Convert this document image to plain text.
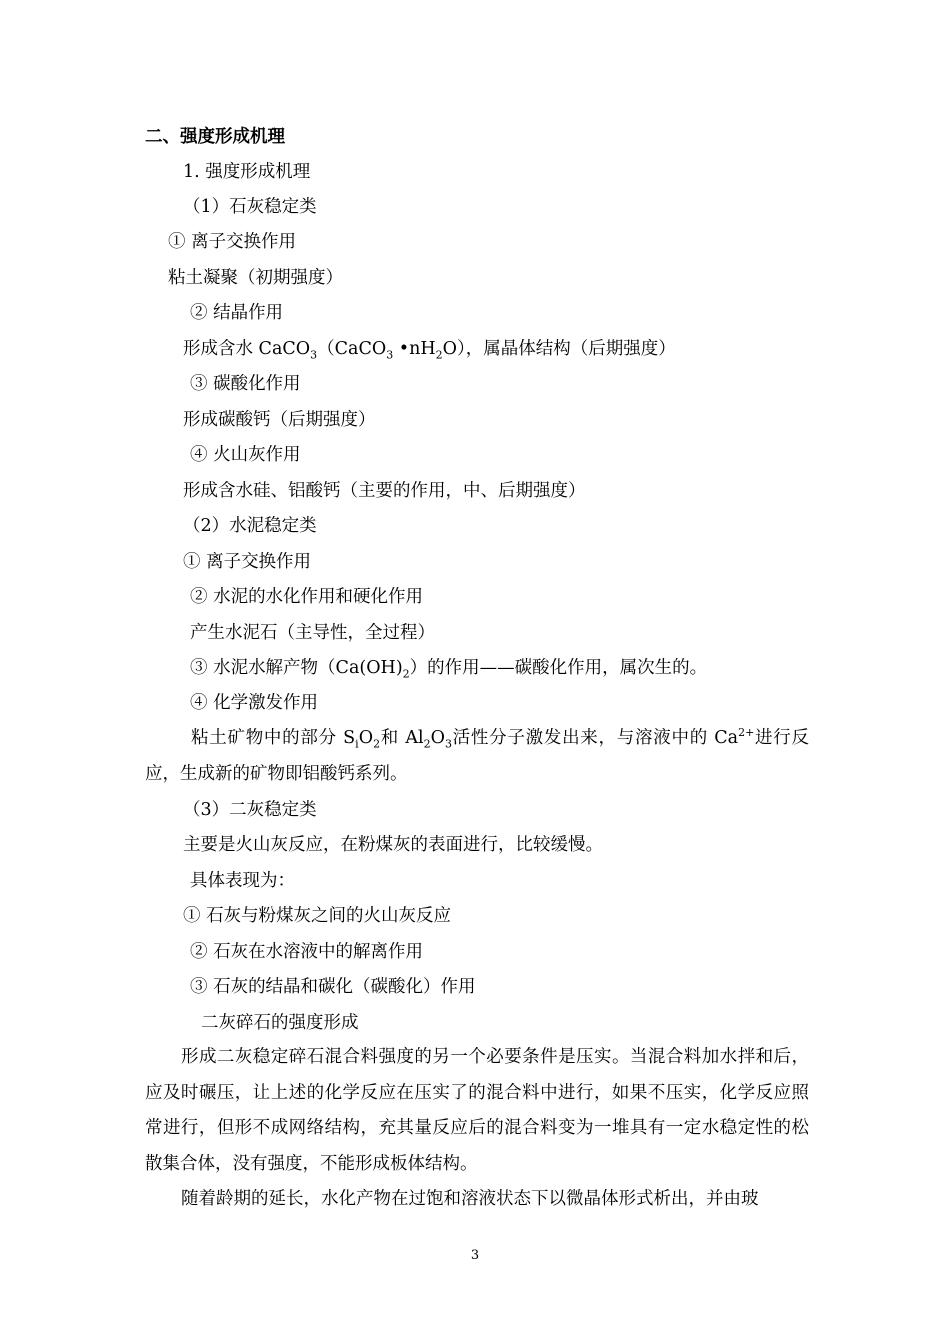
二、强度形成机理
1. 强度形成机理
（1）石灰稳定类
① 离子交换作用
粘土凝聚（初期强度）
② 结晶作用
形成含水 CaCO$_3$（CaCO$_3$ $•nH_2O$），属晶体结构（后期强度）
③ 碳酸化作用
形成碳酸钙（后期强度）
④ 火山灰作用
形成含水硅、铝酸钙（主要的作用，中、后期强度）
（2）水泥稳定类
① 离子交换作用
② 水泥的水化作用和硬化作用
产生水泥石（主导性，全过程）
③ 水泥水解产物$(Ca(OH)_2)$的作用——碳酸化作用，属次生的。
④ 化学激发作用
粘土矿物中的部分 $S_iO_2$和 $Al_2O_3$活性分子激发出来，与溶液中的 $Ca^{2+}$进行反应，生成新的矿物即铝酸钙系列。
（3）二灰稳定类
主要是火山灰反应，在粉煤灰的表面进行，比较缓慢。
具体表现为：
① 石灰与粉煤灰之间的火山灰反应
② 石灰在水溶液中的解离作用
③ 石灰的结晶和碳化（碳酸化）作用
二灰碎石的强度形成
形成二灰稳定碎石混合料强度的另一个必要条件是压实。当混合料加水拌和后，应及时碾压，让上述的化学反应在压实了的混合料中进行，如果不压实，化学反应照常进行，但形不成网络结构，充其量反应后的混合料变为一堆具有一定水稳定性的松散集合体，没有强度，不能形成板体结构。
随着龄期的延长，水化产物在过饱和溶液状态下以微晶体形式析出，并由玻
3
